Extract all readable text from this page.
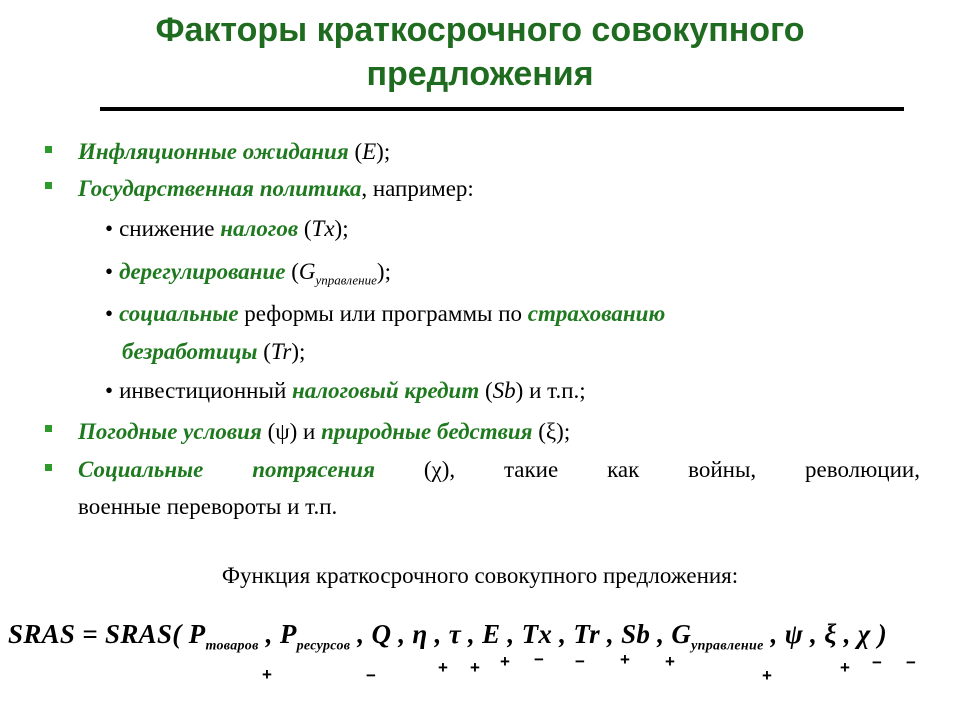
Факторы краткосрочного совокупного
предложения
Инфляционные ожидания (E);
Государственная политика, например:
• снижение налогов (Tx);
• дерегулирование $(G_{управление})$;
• социальные реформы или программы по страхованию
безработицы (Tr);
• инвестиционный налоговый кредит (Sb) и т.п.;
Погодные условия (ψ) и природные бедствия (ξ);
Социальные потрясения (χ), такие как войны, революции,
военные перевороты и т.п.
Функция краткосрочного совокупного предложения:
SRAS = SRAS( $P_{товаров}$ , $P_{ресурсов}$ , Q , η , τ , E , Tx , Tr , Sb , $G_{управление}$ , ψ , ξ , χ )
+	−	+ + + − − + +
+	+ − −
